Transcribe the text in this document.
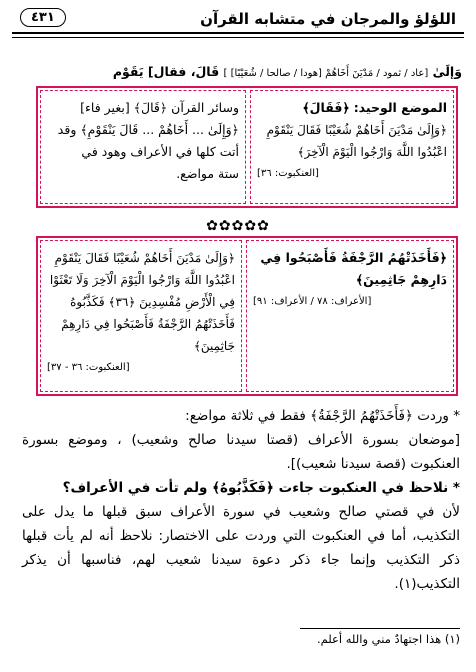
اللؤلؤ والمرجان في متشابه القرآن
٤٣١
وَإِلَىٰ [عاد / ثمود / مَدْيَنَ أَخَاهُمْ [هودا / صالحا / شُعَيْبًا] ] قَالَ، فقال] يَقَوْمِ
الموضع الوحيد: ﴿فَقَالَ﴾
﴿وَإِلَىٰ مَدْيَنَ أَخَاهُمْ شُعَيْبًا فَقَالَ يَنْقَوْمِ اعْبُدُوا اللَّهَ وَارْجُوا الْيَوْمَ الْآخِرَ﴾
[العنكبوت: ٣٦]
وسائر القرآن ﴿قَالَ﴾ [بغير فاء]
﴿وَإِلَىٰ ... أَخَاهُمْ ... قَالَ يَنْقَوْمِ﴾ وقد
أتت كلها في الأعراف وهود في
ستة مواضع.
✿✿✿✿✿
﴿فَأَخَذَتْهُمُ الرَّجْفَةُ فَأَصْبَحُوا فِي دَارِهِمْ جَاثِمِينَ﴾
[الأعراف: ٧٨ / الأعراف: ٩١]
﴿وَإِلَىٰ مَدْيَنَ أَخَاهُمْ شُعَيْبًا فَقَالَ يَنْقَوْمِ اعْبُدُوا اللَّهَ وَارْجُوا الْيَوْمَ الْآخِرَ وَلَا تَعْثَوْا فِي الْأَرْضِ مُفْسِدِينَ ﴿٣٦﴾ فَكَذَّبُوهُ فَأَخَذَتْهُمُ الرَّجْفَةُ فَأَصْبَحُوا فِي دَارِهِمْ جَاثِمِينَ﴾
[العنكبوت: ٣٦ - ٣٧]
* وردت ﴿فَأَخَذَتْهُمُ الرَّجْفَةُ﴾ فقط في ثلاثة مواضع:
[موضعان بسورة الأعراف (قصتا سيدنا صالح وشعيب) ، وموضع بسورة العنكبوت (قصة سيدنا شعيب)].
* نلاحظ في العنكبوت جاءت ﴿فَكَذَّبُوهُ﴾ ولم تأت في الأعراف؟
لأن في قصتي صالح وشعيب في سورة الأعراف سبق قبلها ما يدل على التكذيب، أما في العنكبوت التي وردت على الاختصار: نلاحظ أنه لم يأت قبلها ذكر التكذيب وإنما جاء ذكر دعوة سيدنا شعيب لهم، فناسبها أن يذكر التكذيب(١).
(١) هذا اجتهادٌ مني والله أعلم.
